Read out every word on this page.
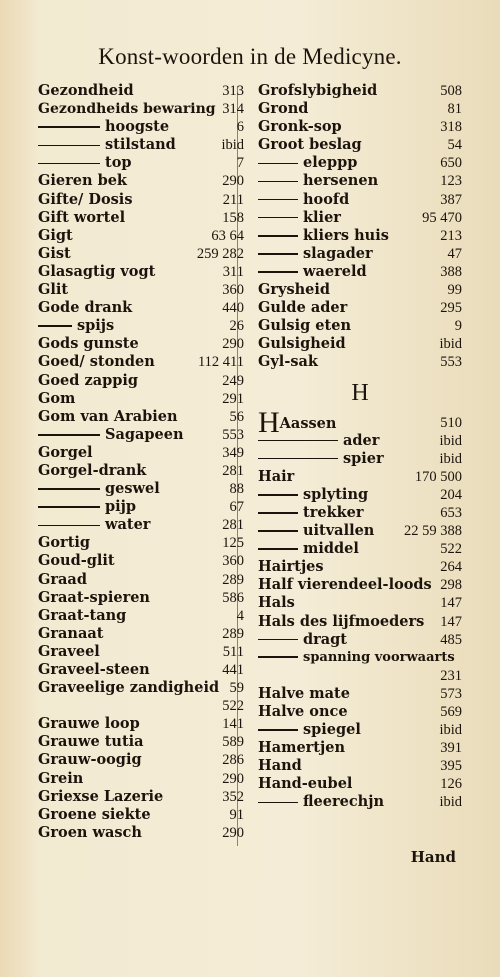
Konst-woorden in de Medicyne.
Gezondheid	313
Gezondheids bewaring 314
hoogste	6
stilstand	ibid
top	7
Gieren bek	290
Gifte/ Dosis	211
Gift wortel	158
Gigt	63 64
Gist	259 282
Glasagtig vogt	311
Glit	360
Gode drank	440
spijs	26
Gods gunste	290
Goed/ stonden	112 411
Goed zappig	249
Gom	291
Gom van Arabien	56
Sagapeen	553
Gorgel	349
Gorgel-drank	281
geswel	88
pijp	67
water	281
Gortig	125
Goud-glit	360
Graad	289
Graat-spieren	586
Graat-tang	4
Granaat	289
Graveel	511
Graveel-steen	441
Graveelige zandigheid 59
522
Grauwe loop	141
Grauwe tutia	589
Grauw-oogig	286
Grein	290
Griexse Lazerie	352
Groene siekte	91
Groen wasch	290
Grofslybigheid	508
Grond	81
Gronk-sop	318
Groot beslag	54
eleppp	650
hersenen	123
hoofd	387
klier	95 470
kliers huis	213
slagader	47
waereld	388
Grysheid	99
Gulde ader	295
Gulsig eten	9
Gulsigheid	ibid
Gyl-sak	553
H
HAassen	510
ader	ibid
spier	ibid
Hair	170 500
splyting	204
trekker	653
uitvallen 22 59 388
middel	522
Hairtjes	264
Half vierendeel-loods 298
Hals	147
Hals des lijfmoeders 147
dragt	485
spanning voorwaarts
231
Halve mate	573
Halve once	569
spiegel	ibid
Hamertjen	391
Hand	395
Hand-eubel	126
fleerechjn	ibid
Hand
